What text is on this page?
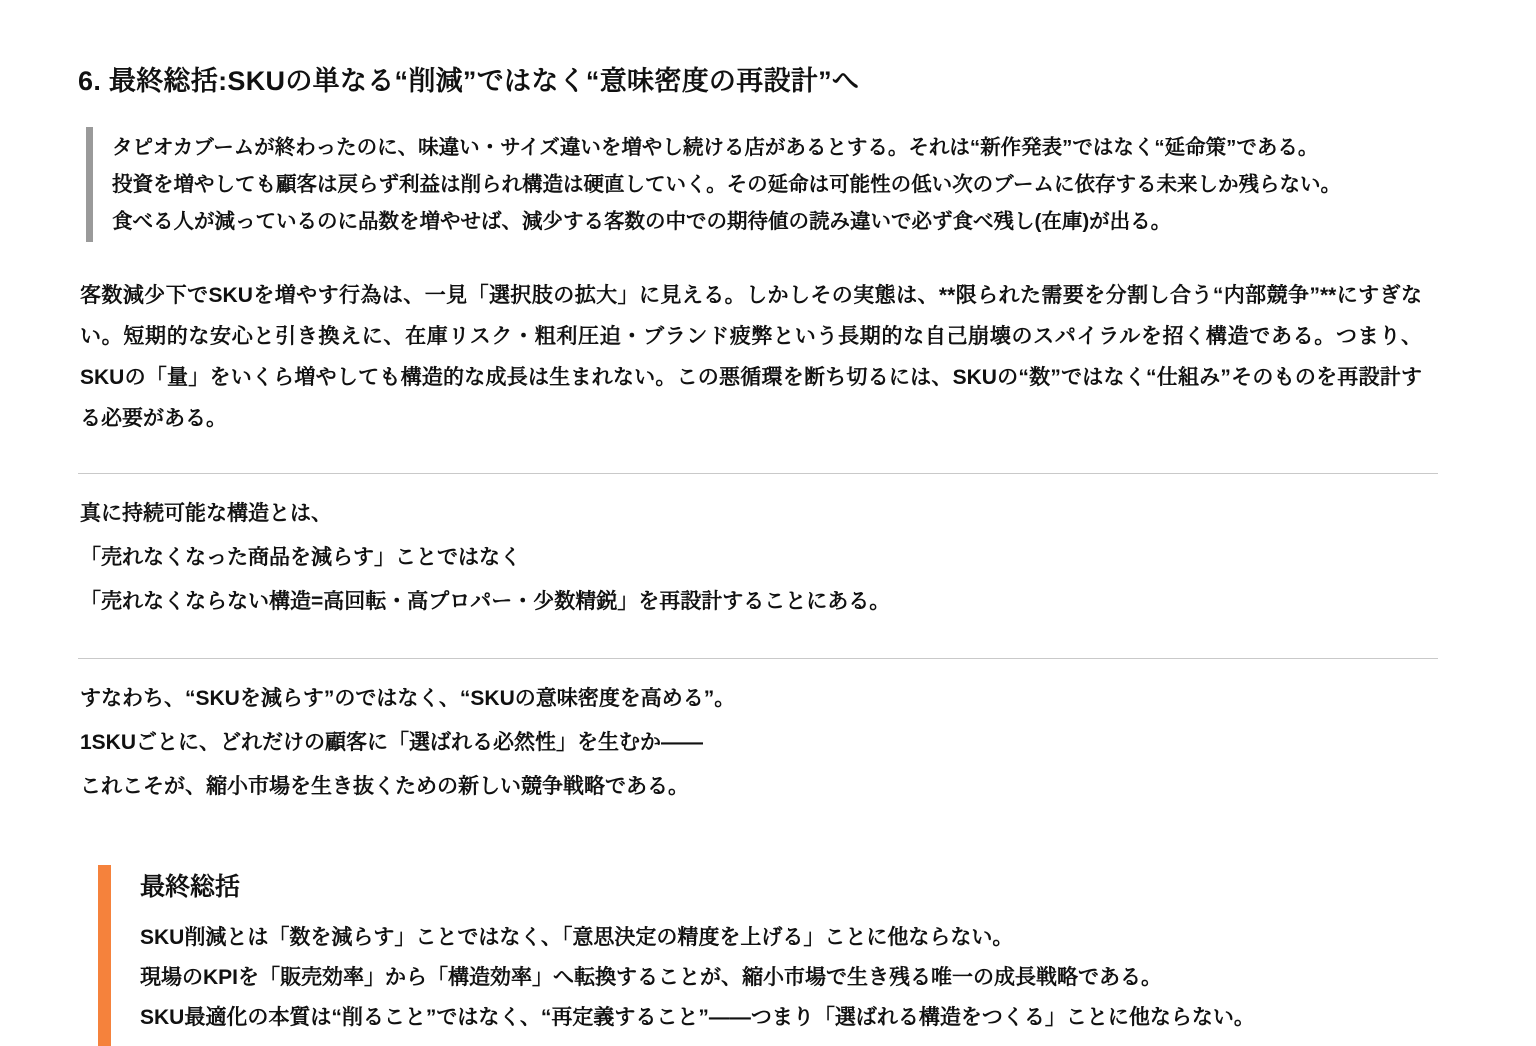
6. 最終総括:SKUの単なる“削減”ではなく“意味密度の再設計”へ
タピオカブームが終わったのに、味違い・サイズ違いを増やし続ける店があるとする。それは“新作発表”ではなく“延命策”である。
投資を増やしても顧客は戻らず利益は削られ構造は硬直していく。その延命は可能性の低い次のブームに依存する未来しか残らない。
食べる人が減っているのに品数を増やせば、減少する客数の中での期待値の読み違いで必ず食べ残し(在庫)が出る。

客数減少下でSKUを増やす行為は、一見「選択肢の拡大」に見える。しかしその実態は、**限られた需要を分割し合う“内部競争”**にすぎない。短期的な安心と引き換えに、在庫リスク・粗利圧迫・ブランド疲弊という長期的な自己崩壊のスパイラルを招く構造である。つまり、SKUの「量」をいくら増やしても構造的な成長は生まれない。この悪循環を断ち切るには、SKUの“数”ではなく“仕組み”そのものを再設計する必要がある。

真に持続可能な構造とは、
「売れなくなった商品を減らす」ことではなく
「売れなくならない構造=高回転・高プロパー・少数精鋭」を再設計することにある。
すなわち、“SKUを減らす”のではなく、“SKUの意味密度を高める”。
1SKUごとに、どれだけの顧客に「選ばれる必然性」を生むか――
これこそが、縮小市場を生き抜くための新しい競争戦略である。
最終総括
SKU削減とは「数を減らす」ことではなく、「意思決定の精度を上げる」ことに他ならない。
現場のKPIを「販売効率」から「構造効率」へ転換することが、縮小市場で生き残る唯一の成長戦略である。
SKU最適化の本質は“削ること”ではなく、“再定義すること”――つまり「選ばれる構造をつくる」ことに他ならない。
